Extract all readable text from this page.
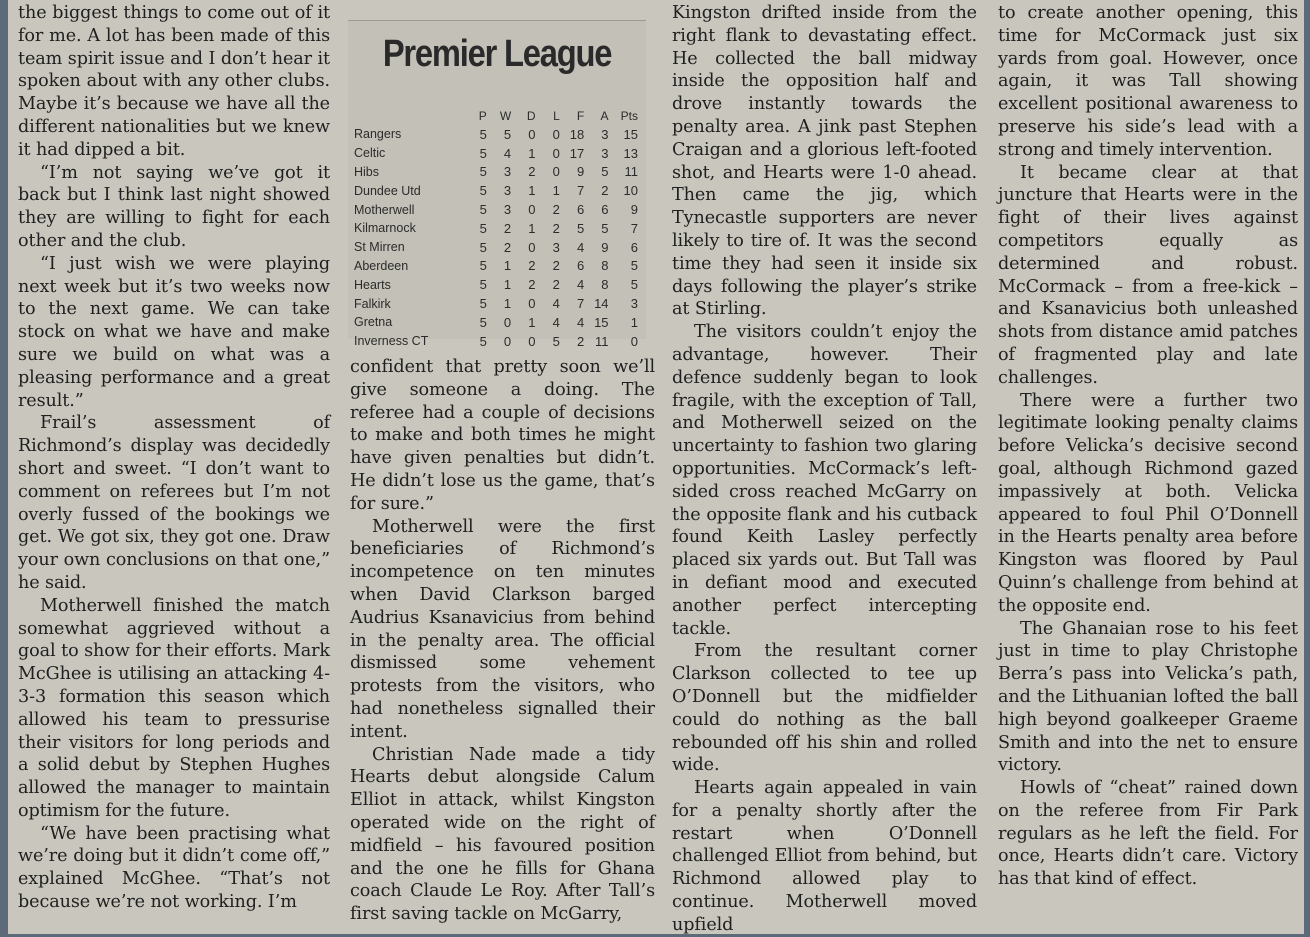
the biggest things to come out of it for me. A lot has been made of this team spirit issue and I don’t hear it spoken about with any other clubs. Maybe it’s because we have all the different nationalities but we knew it had dipped a bit.

“I’m not saying we’ve got it back but I think last night showed they are willing to fight for each other and the club.

“I just wish we were playing next week but it’s two weeks now to the next game. We can take stock on what we have and make sure we build on what was a pleasing performance and a great result.”

Frail’s assessment of Richmond’s display was decidedly short and sweet. “I don’t want to comment on referees but I’m not overly fussed of the bookings we get. We got six, they got one. Draw your own conclusions on that one,” he said.

Motherwell finished the match somewhat aggrieved without a goal to show for their efforts. Mark McGhee is utilising an attacking 4-3-3 formation this season which allowed his team to pressurise their visitors for long periods and a solid debut by Stephen Hughes allowed the manager to maintain optimism for the future.

“We have been practising what we’re doing but it didn’t come off,” explained McGhee. “That’s not because we’re not working. I’m

Premier League
	P	W	D	L	F	A	Pts
Rangers	5	5	0	0	18	3	15
Celtic	5	4	1	0	17	3	13
Hibs	5	3	2	0	9	5	11
Dundee Utd	5	3	1	1	7	2	10
Motherwell	5	3	0	2	6	6	9
Kilmarnock	5	2	1	2	5	5	7
St Mirren	5	2	0	3	4	9	6
Aberdeen	5	1	2	2	6	8	5
Hearts	5	1	2	2	4	8	5
Falkirk	5	1	0	4	7	14	3
Gretna	5	0	1	4	4	15	1
Inverness CT	5	0	0	5	2	11	0

confident that pretty soon we’ll give someone a doing. The referee had a couple of decisions to make and both times he might have given penalties but didn’t. He didn’t lose us the game, that’s for sure.”

Motherwell were the first beneficiaries of Richmond’s incompetence on ten minutes when David Clarkson barged Audrius Ksanavicius from behind in the penalty area. The official dismissed some vehement protests from the visitors, who had nonetheless signalled their intent.

Christian Nade made a tidy Hearts debut alongside Calum Elliot in attack, whilst Kingston operated wide on the right of midfield – his favoured position and the one he fills for Ghana coach Claude Le Roy. After Tall’s first saving tackle on McGarry,

Kingston drifted inside from the right flank to devastating effect. He collected the ball midway inside the opposition half and drove instantly towards the penalty area. A jink past Stephen Craigan and a glorious left-footed shot, and Hearts were 1-0 ahead. Then came the jig, which Tynecastle supporters are never likely to tire of. It was the second time they had seen it inside six days following the player’s strike at Stirling.

The visitors couldn’t enjoy the advantage, however. Their defence suddenly began to look fragile, with the exception of Tall, and Motherwell seized on the uncertainty to fashion two glaring opportunities. McCormack’s left-sided cross reached McGarry on the opposite flank and his cutback found Keith Lasley perfectly placed six yards out. But Tall was in defiant mood and executed another perfect intercepting tackle.

From the resultant corner Clarkson collected to tee up O’Donnell but the midfielder could do nothing as the ball rebounded off his shin and rolled wide.

Hearts again appealed in vain for a penalty shortly after the restart when O’Donnell challenged Elliot from behind, but Richmond allowed play to continue. Motherwell moved upfield

to create another opening, this time for McCormack just six yards from goal. However, once again, it was Tall showing excellent positional awareness to preserve his side’s lead with a strong and timely intervention.

It became clear at that juncture that Hearts were in the fight of their lives against competitors equally as determined and robust. McCormack – from a free-kick – and Ksanavicius both unleashed shots from distance amid patches of fragmented play and late challenges.

There were a further two legitimate looking penalty claims before Velicka’s decisive second goal, although Richmond gazed impassively at both. Velicka appeared to foul Phil O’Donnell in the Hearts penalty area before Kingston was floored by Paul Quinn’s challenge from behind at the opposite end.

The Ghanaian rose to his feet just in time to play Christophe Berra’s pass into Velicka’s path, and the Lithuanian lofted the ball high beyond goalkeeper Graeme Smith and into the net to ensure victory.

Howls of “cheat” rained down on the referee from Fir Park regulars as he left the field. For once, Hearts didn’t care. Victory has that kind of effect.
